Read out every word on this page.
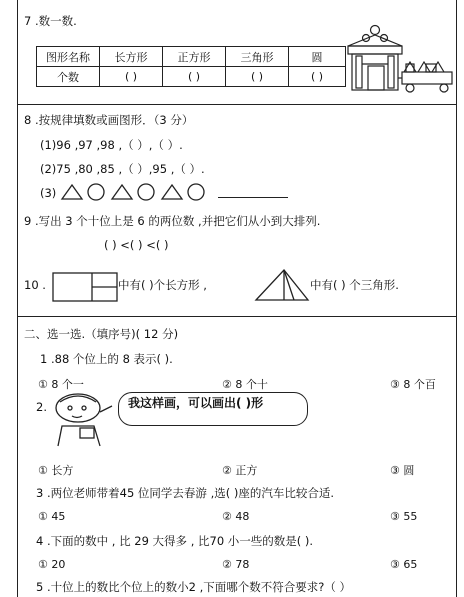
7 .数一数.
图形名称	长方形	正方形	三角形	圆
个数	( )	( )	( )	( )
8 .按规律填数或画图形．（3 分）
(1)96 ,97 ,98 ,（ ）,（ ）.
(2)75 ,80 ,85 ,（ ）,95 ,（ ）.
(3)
9 .写出 3 个十位上是 6 的两位数 ,并把它们从小到大排列.
( ) <( ) <( )
10 .	中有( )个长方形 ,	中有( ) 个三角形.
二、选一选.（填序号)( 12 分)
1 .88 个位上的 8 表示( ).
① 8 个一	② 8 个十	③ 8 个百
2.	我这样画，可以画出( )形
① 长方	② 正方	③ 圆
3 .两位老师带着45 位同学去春游 ,选( )座的汽车比较合适.
① 45	② 48	③ 55
4 .下面的数中 , 比 29 大得多 , 比70 小一些的数是( ).
① 20	② 78	③ 65
5 .十位上的数比个位上的数小2 ,下面哪个数不符合要求?（ ）
